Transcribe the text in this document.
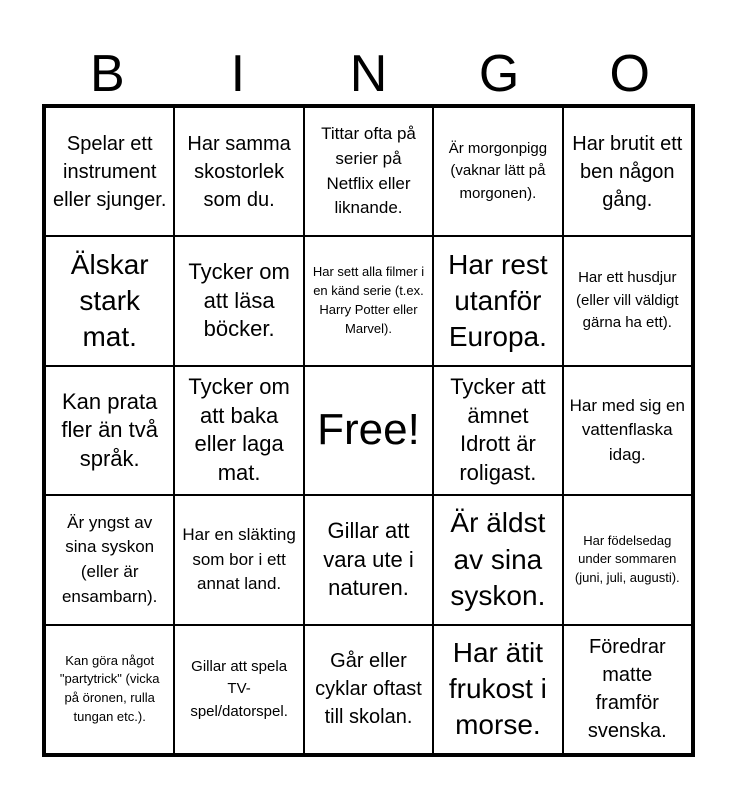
B	I	N	G	O
Spelar ett instrument eller sjunger.
Har samma skostorlek som du.
Tittar ofta på serier på Netflix eller liknande.
Är morgonpigg (vaknar lätt på morgonen).
Har brutit ett ben någon gång.
Älskar stark mat.
Tycker om att läsa böcker.
Har sett alla filmer i en känd serie (t.ex. Harry Potter eller Marvel).
Har rest utanför Europa.
Har ett husdjur (eller vill väldigt gärna ha ett).
Kan prata fler än två språk.
Tycker om att baka eller laga mat.
Free!
Tycker att ämnet Idrott är roligast.
Har med sig en vattenflaska idag.
Är yngst av sina syskon (eller är ensambarn).
Har en släkting som bor i ett annat land.
Gillar att vara ute i naturen.
Är äldst av sina syskon.
Har födelsedag under sommaren (juni, juli, augusti).
Kan göra något "partytrick" (vicka på öronen, rulla tungan etc.).
Gillar att spela TV-spel/datorspel.
Går eller cyklar oftast till skolan.
Har ätit frukost i morse.
Föredrar matte framför svenska.
